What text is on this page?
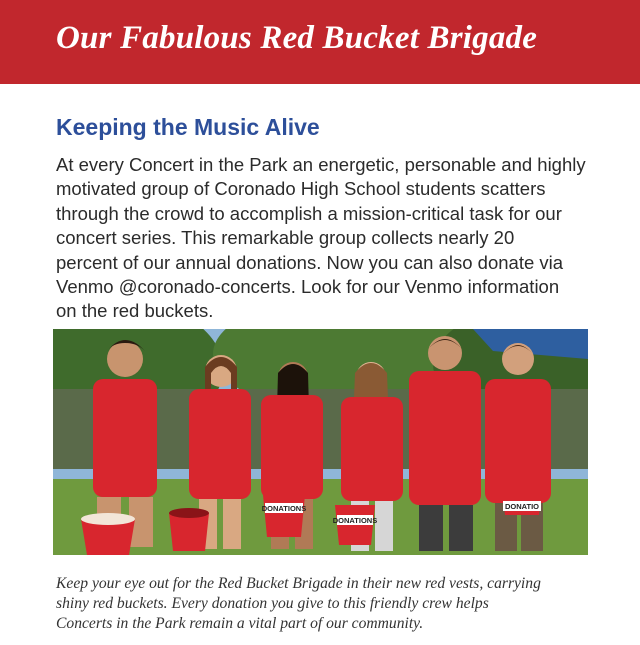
Our Fabulous Red Bucket Brigade
Keeping the Music Alive
At every Concert in the Park an energetic, personable and highly
motivated group of Coronado High School students scatters
through the crowd to accomplish a mission-critical task for our
concert series. This remarkable group collects nearly 20
percent of our annual donations. Now you can also donate via
Venmo @coronado-concerts. Look for our Venmo information
on the red buckets.
DONATIONS
DONATIONS
DONATIO
Keep your eye out for the Red Bucket Brigade in their new red vests, carrying
shiny red buckets. Every donation you give to this friendly crew helps
Concerts in the Park remain a vital part of our community.
